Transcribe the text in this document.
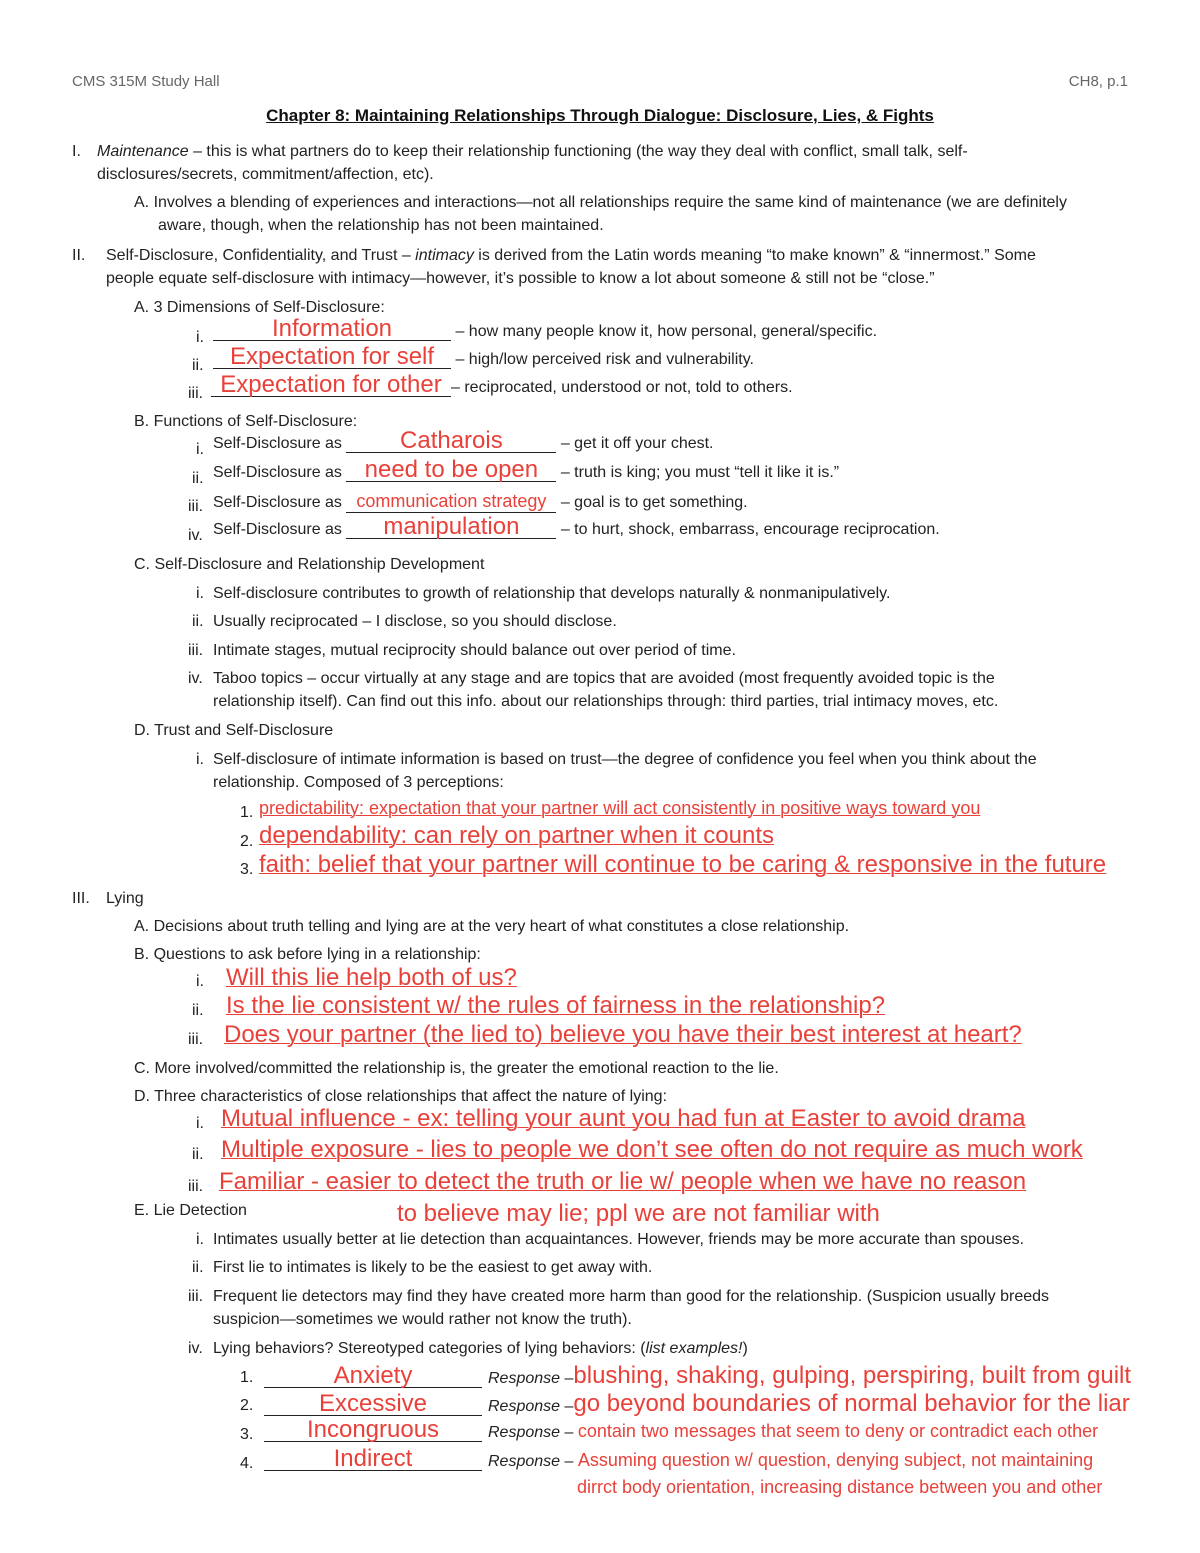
CMS 315M Study Hall	CH8, p.1
Chapter 8: Maintaining Relationships Through Dialogue: Disclosure, Lies, & Fights
I. Maintenance – this is what partners do to keep their relationship functioning (the way they deal with conflict, small talk, self-
disclosures/secrets, commitment/affection, etc).
A. Involves a blending of experiences and interactions—not all relationships require the same kind of maintenance (we are definitely
aware, though, when the relationship has not been maintained.
II. Self-Disclosure, Confidentiality, and Trust – intimacy is derived from the Latin words meaning “to make known” & “innermost.” Some
people equate self-disclosure with intimacy—however, it’s possible to know a lot about someone & still not be “close.”
A. 3 Dimensions of Self-Disclosure:
i.	Information	– how many people know it, how personal, general/specific.
ii.	Expectation for self – high/low perceived risk and vulnerability.
iii. Expectation for other – reciprocated, understood or not, told to others.
B. Functions of Self-Disclosure:
i. Self-Disclosure as Catharois	– get it off your chest.
ii. Self-Disclosure as need to be open – truth is king; you must “tell it like it is.”
iii. Self-Disclosure as communication strategy – goal is to get something.
iv. Self-Disclosure as manipulation – to hurt, shock, embarrass, encourage reciprocation.
C. Self-Disclosure and Relationship Development
i. Self-disclosure contributes to growth of relationship that develops naturally & nonmanipulatively.
ii. Usually reciprocated – I disclose, so you should disclose.
iii. Intimate stages, mutual reciprocity should balance out over period of time.
iv. Taboo topics – occur virtually at any stage and are topics that are avoided (most frequently avoided topic is the
relationship itself). Can find out this info. about our relationships through: third parties, trial intimacy moves, etc.
D. Trust and Self-Disclosure
i. Self-disclosure of intimate information is based on trust—the degree of confidence you feel when you think about the
relationship. Composed of 3 perceptions:
1. predictability: expectation that your partner will act consistently in positive ways toward you
2. dependability: can rely on partner when it counts
3. faith: belief that your partner will continue to be caring & responsive in the future
III. Lying
A. Decisions about truth telling and lying are at the very heart of what constitutes a close relationship.
B. Questions to ask before lying in a relationship:
i. Will this lie help both of us?
ii. Is the lie consistent w/ the rules of fairness in the relationship?
iii. Does your partner (the lied to) believe you have their best interest at heart?
C. More involved/committed the relationship is, the greater the emotional reaction to the lie.
D. Three characteristics of close relationships that affect the nature of lying:
i. Mutual influence - ex: telling your aunt you had fun at Easter to avoid drama
ii. Multiple exposure - lies to people we don’t see often do not require as much work
iii. Familiar - easier to detect the truth or lie w/ people when we have no reason
to believe may lie; ppl we are not familiar with
E. Lie Detection
i. Intimates usually better at lie detection than acquaintances. However, friends may be more accurate than spouses.
ii. First lie to intimates is likely to be the easiest to get away with.
iii. Frequent lie detectors may find they have created more harm than good for the relationship. (Suspicion usually breeds
suspicion—sometimes we would rather not know the truth).
iv. Lying behaviors? Stereotyped categories of lying behaviors: (list examples!)
1.	Anxiety	Response –blushing, shaking, gulping, perspiring, built from guilt
2.	Excessive	Response –go beyond boundaries of normal behavior for the liar
3.	Incongruous	Response – contain two messages that seem to deny or contradict each other
4.	Indirect	Response – Assuming question w/ question, denying subject, not maintaining
dirrct body orientation, increasing distance between you and other
